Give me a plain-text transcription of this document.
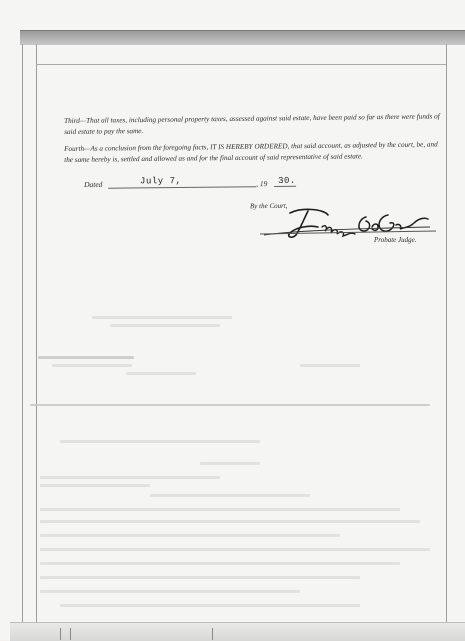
Third—That all taxes, including personal property taxes, assessed against said estate, have been paid so far as there were funds of said estate to pay the same.
Fourth—As a conclusion from the foregoing facts, IT IS HEREBY ORDERED, that said account, as adjusted by the court, be, and the same hereby is, settled and allowed as and for the final account of said representative of said estate.
Dated	July 7,	, 19 30.
By the Court,
Probate Judge.
